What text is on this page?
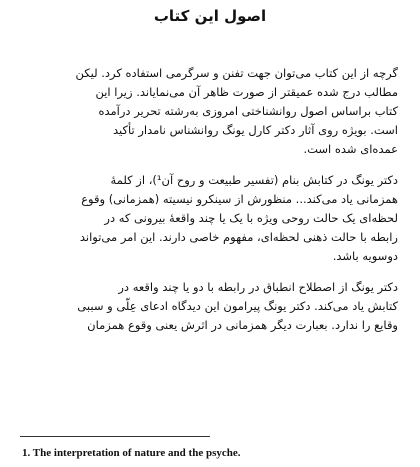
اصول این کتاب

گرچه از این کتاب می‌توان جهت تفنن و سرگرمی استفاده کرد. لیکن
مطالب درج شده عمیقتر از صورت ظاهر آن می‌نمایاند. زیرا این
کتاب براساس اصول روانشناختی امروزی به‌رشته تحریر درآمده
است. بویژه روی آثار دکتر کارل یونگ روانشناس نامدار تأکید
عمده‌ای شده است.

دکتر یونگ در کتابش بنام (تفسیر طبیعت و روح آن¹)، از کلمهٔ
همزمانی یاد می‌کند... منظورش از سینکرو نیسیته (همزمانی) وقوع
لحظه‌ای یک حالت روحی ویژه با یک یا چند واقعهٔ بیرونی که در
رابطه با حالت ذهنی لحظه‌ای، مفهوم خاصی دارند. این امر می‌تواند
دوسویه باشد.

دکتر یونگ از اصطلاح انطباق در رابطه با دو یا چند واقعه در
کتابش یاد می‌کند. دکتر یونگ پیرامون این دیدگاه ادعای عِلّی و سببی
وقایع را ندارد. بعبارت دیگر همزمانی در اثرش یعنی وقوع همزمان

1. The interpretation of nature and the psyche.
